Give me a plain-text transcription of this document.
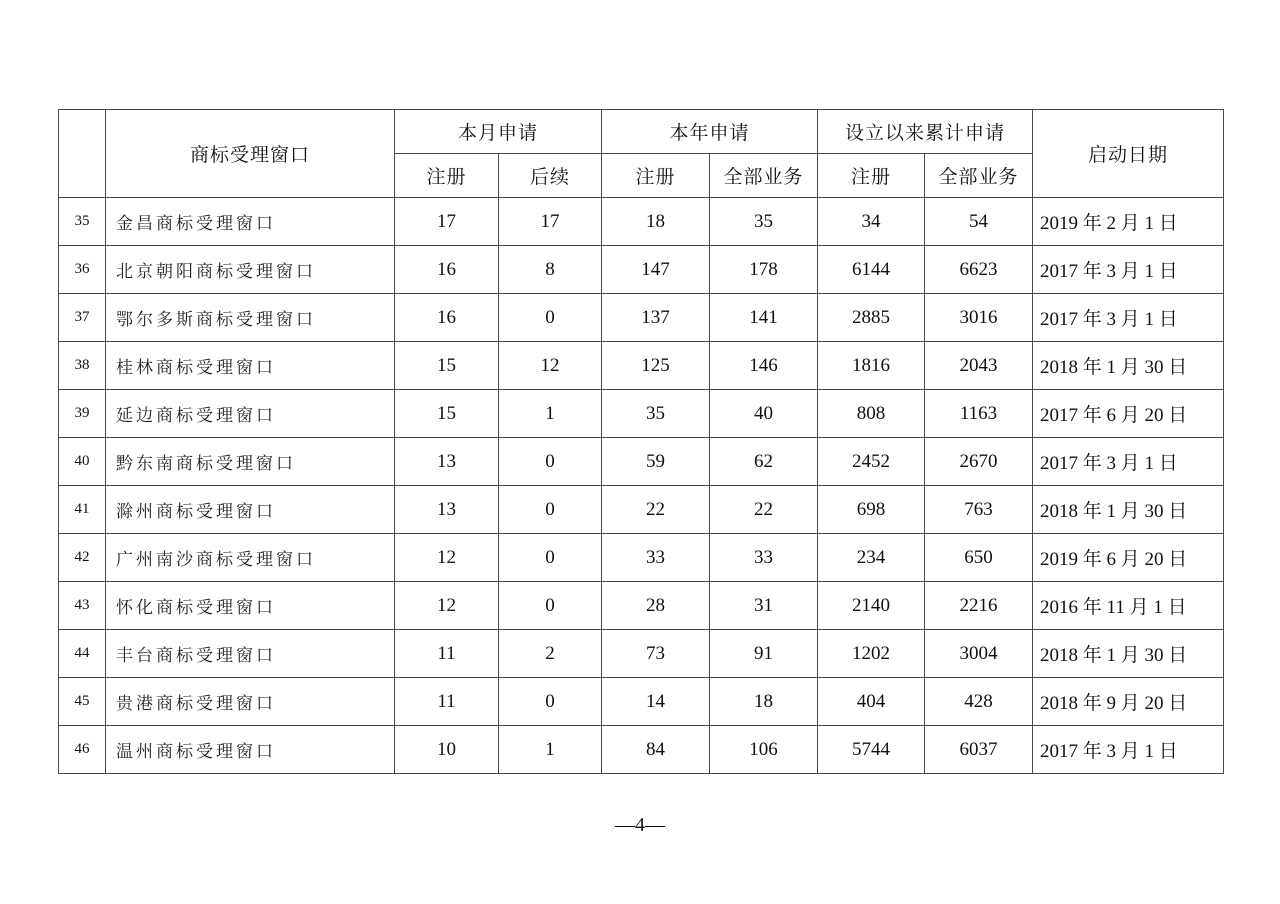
	商标受理窗口	本月申请		本年申请		设立以来累计申请		启动日期
		注册	后续	注册	全部业务	注册	全部业务	
35	金昌商标受理窗口	17	17	18	35	34	54	2019 年 2 月 1 日
36	北京朝阳商标受理窗口	16	8	147	178	6144	6623	2017 年 3 月 1 日
37	鄂尔多斯商标受理窗口	16	0	137	141	2885	3016	2017 年 3 月 1 日
38	桂林商标受理窗口	15	12	125	146	1816	2043	2018 年 1 月 30 日
39	延边商标受理窗口	15	1	35	40	808	1163	2017 年 6 月 20 日
40	黔东南商标受理窗口	13	0	59	62	2452	2670	2017 年 3 月 1 日
41	滁州商标受理窗口	13	0	22	22	698	763	2018 年 1 月 30 日
42	广州南沙商标受理窗口	12	0	33	33	234	650	2019 年 6 月 20 日
43	怀化商标受理窗口	12	0	28	31	2140	2216	2016 年 11 月 1 日
44	丰台商标受理窗口	11	2	73	91	1202	3004	2018 年 1 月 30 日
45	贵港商标受理窗口	11	0	14	18	404	428	2018 年 9 月 20 日
46	温州商标受理窗口	10	1	84	106	5744	6037	2017 年 3 月 1 日
—4—
